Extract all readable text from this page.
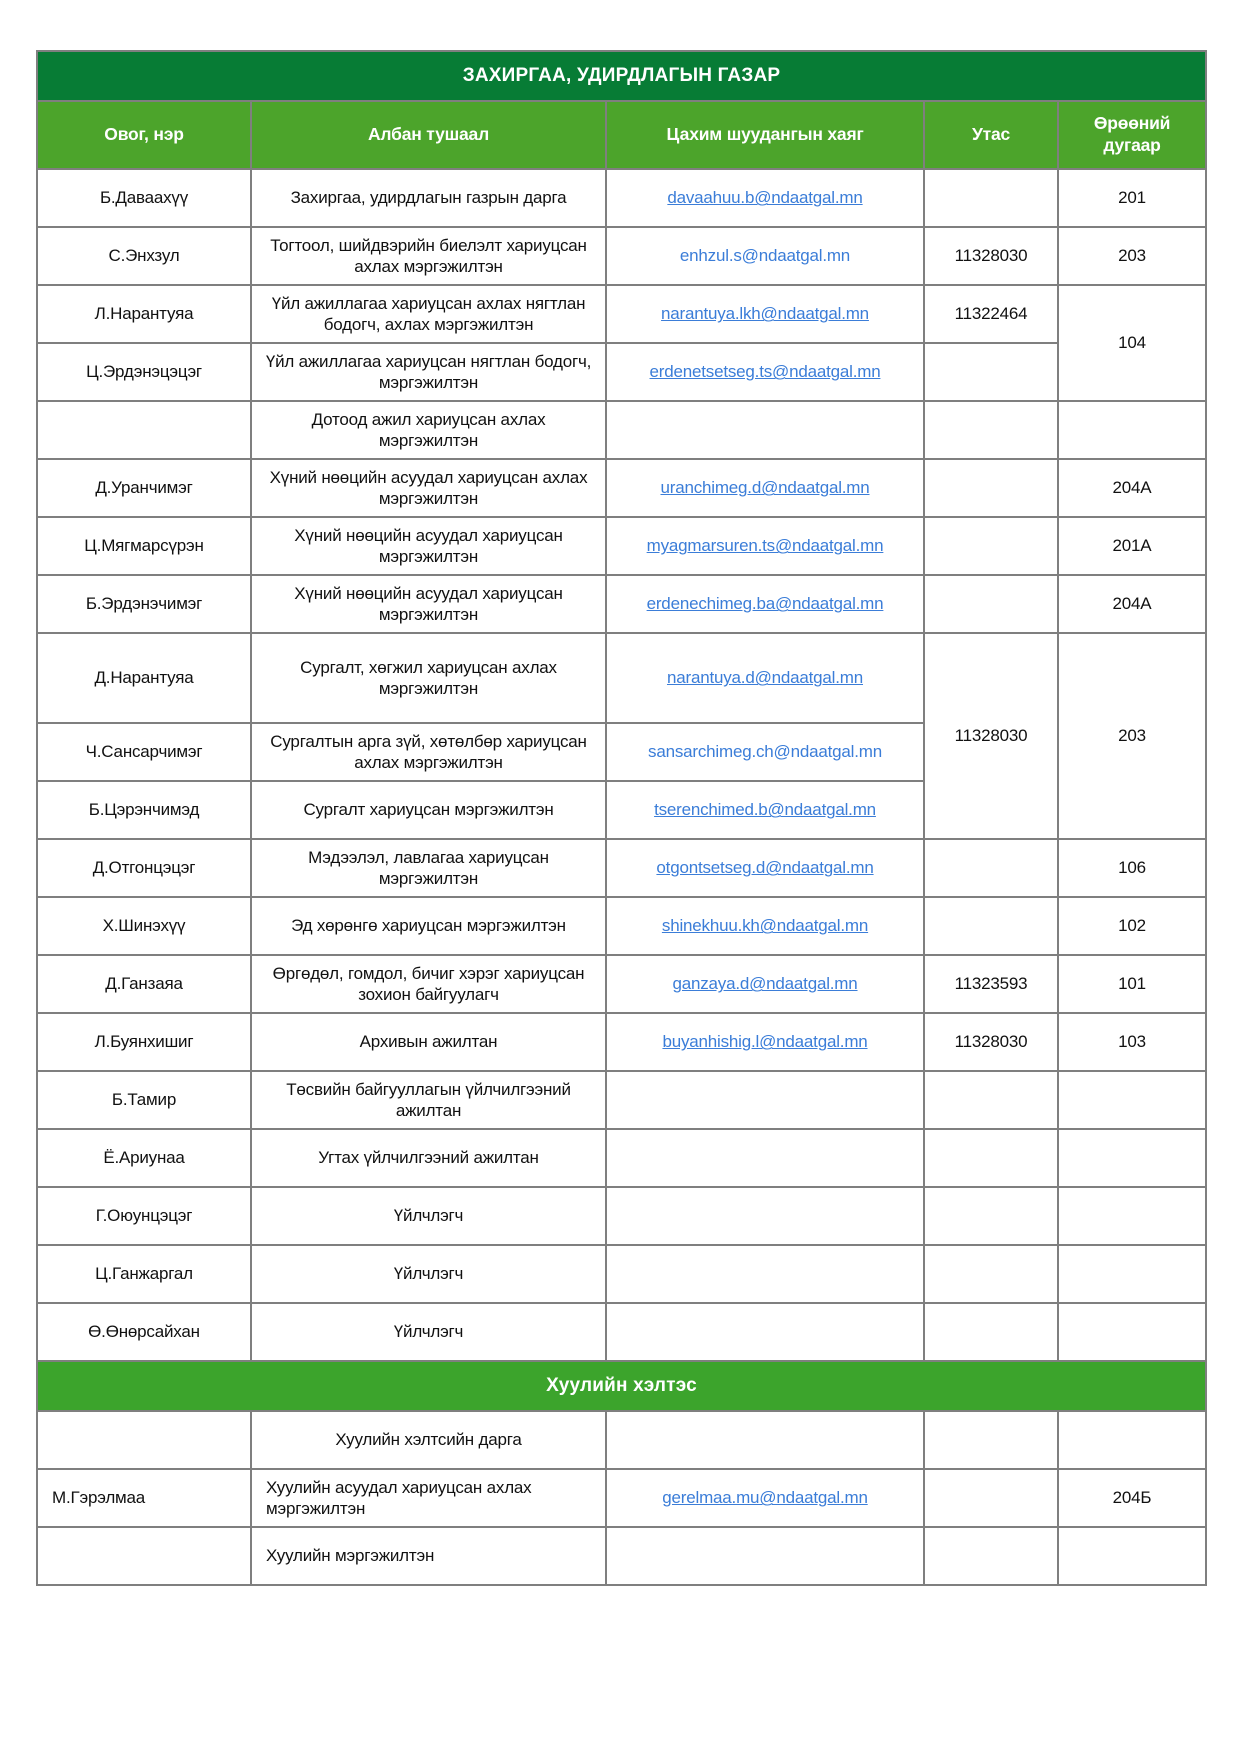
ЗАХИРГАА, УДИРДЛАГЫН ГАЗАР				
Овог, нэр	Албан тушаал	Цахим шуудангын хаяг	Утас	Өрөөний дугаар
Б.Даваахүү	Захиргаа, удирдлагын газрын дарга	davaahuu.b@ndaatgal.mn		201
С.Энхзул	Тогтоол, шийдвэрийн биелэлт хариуцсан ахлах мэргэжилтэн	enhzul.s@ndaatgal.mn	11328030	203
Л.Нарантуяа	Үйл ажиллагаа хариуцсан ахлах нягтлан бодогч, ахлах мэргэжилтэн	narantuya.lkh@ndaatgal.mn	11322464	104
Ц.Эрдэнэцэцэг	Үйл ажиллагаа хариуцсан нягтлан бодогч, мэргэжилтэн	erdenetsetseg.ts@ndaatgal.mn		
	Дотоод ажил хариуцсан ахлах мэргэжилтэн			
Д.Уранчимэг	Хүний нөөцийн асуудал хариуцсан ахлах мэргэжилтэн	uranchimeg.d@ndaatgal.mn		204А
Ц.Мягмарсүрэн	Хүний нөөцийн асуудал хариуцсан мэргэжилтэн	myagmarsuren.ts@ndaatgal.mn		201А
Б.Эрдэнэчимэг	Хүний нөөцийн асуудал хариуцсан мэргэжилтэн	erdenechimeg.ba@ndaatgal.mn		204А
Д.Нарантуяа	Сургалт, хөгжил хариуцсан ахлах мэргэжилтэн	narantuya.d@ndaatgal.mn	11328030	203
Ч.Сансарчимэг	Сургалтын арга зүй, хөтөлбөр хариуцсан ахлах мэргэжилтэн	sansarchimeg.ch@ndaatgal.mn		
Б.Цэрэнчимэд	Сургалт хариуцсан мэргэжилтэн	tserenchimed.b@ndaatgal.mn		
Д.Отгонцэцэг	Мэдээлэл, лавлагаа хариуцсан мэргэжилтэн	otgontsetseg.d@ndaatgal.mn		106
Х.Шинэхүү	Эд хөрөнгө хариуцсан мэргэжилтэн	shinekhuu.kh@ndaatgal.mn		102
Д.Ганзаяа	Өргөдөл, гомдол, бичиг хэрэг хариуцсан зохион байгуулагч	ganzaya.d@ndaatgal.mn	11323593	101
Л.Буянхишиг	Архивын ажилтан	buyanhishig.l@ndaatgal.mn	11328030	103
Б.Тамир	Төсвийн байгууллагын үйлчилгээний ажилтан			
Ё.Ариунаа	Угтах үйлчилгээний ажилтан			
Г.Оюунцэцэг	Үйлчлэгч			
Ц.Ганжаргал	Үйлчлэгч			
Ө.Өнөрсайхан	Үйлчлэгч			
Хуулийн хэлтэс				
	Хуулийн хэлтсийн дарга			
М.Гэрэлмаа	Хуулийн асуудал хариуцсан ахлах мэргэжилтэн	gerelmaa.mu@ndaatgal.mn		204Б
	Хуулийн мэргэжилтэн			
